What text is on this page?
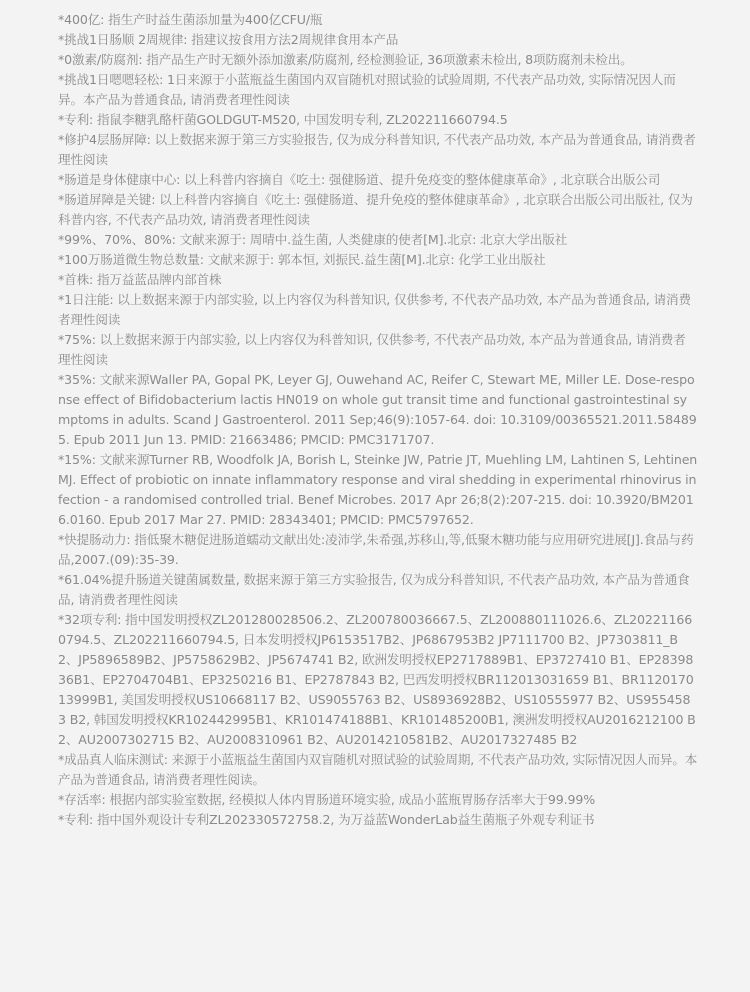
*400亿: 指生产时益生菌添加量为400亿CFU/瓶

*挑战1日肠顺 2周规律: 指建议按食用方法2周规律食用本产品

*0激素/防腐剂: 指产品生产时无额外添加激素/防腐剂, 经检测验证, 36项激素未检出, 8项防腐剂未检出。

*挑战1日嗯嗯轻松: 1日来源于小蓝瓶益生菌国内双盲随机对照试验的试验周期, 不代表产品功效, 实际情况因人而异。本产品为普通食品, 请消费者理性阅读

*专利: 指鼠李糖乳酪杆菌GOLDGUT-M520, 中国发明专利, ZL202211660794.5

*修护4层肠屏障: 以上数据来源于第三方实验报告, 仅为成分科普知识, 不代表产品功效, 本产品为普通食品, 请消费者理性阅读

*肠道是身体健康中心: 以上科普内容摘自《吃土: 强健肠道、提升免疫变的整体健康革命》, 北京联合出版公司

*肠道屏障是关键: 以上科普内容摘自《吃土: 强健肠道、提升免疫的整体健康革命》, 北京联合出版公司出版社, 仅为科普内容, 不代表产品功效, 请消费者理性阅读

*99%、70%、80%: 文献来源于: 周晴中.益生菌, 人类健康的使者[M].北京: 北京大学出版社

*100万肠道微生物总数量: 文献来源于: 郭本恒, 刘振民.益生菌[M].北京: 化学工业出版社

*首株: 指万益蓝品牌内部首株

*1日注能: 以上数据来源于内部实验, 以上内容仅为科普知识, 仅供参考, 不代表产品功效, 本产品为普通食品, 请消费者理性阅读

*75%: 以上数据来源于内部实验, 以上内容仅为科普知识, 仅供参考, 不代表产品功效, 本产品为普通食品, 请消费者理性阅读

*35%: 文献来源Waller PA, Gopal PK, Leyer GJ, Ouwehand AC, Reifer C, Stewart ME, Miller LE. Dose-response effect of Bifidobacterium lactis HN019 on whole gut transit time and functional gastrointestinal symptoms in adults. Scand J Gastroenterol. 2011 Sep;46(9):1057-64. doi: 10.3109/00365521.2011.584895. Epub 2011 Jun 13. PMID: 21663486; PMCID: PMC3171707.

*15%: 文献来源Turner RB, Woodfolk JA, Borish L, Steinke JW, Patrie JT, Muehling LM, Lahtinen S, Lehtinen MJ. Effect of probiotic on innate inflammatory response and viral shedding in experimental rhinovirus infection - a randomised controlled trial. Benef Microbes. 2017 Apr 26;8(2):207-215. doi: 10.3920/BM2016.0160. Epub 2017 Mar 27. PMID: 28343401; PMCID: PMC5797652.

*快提肠动力: 指低聚木糖促进肠道蠕动文献出处:凌沛学,朱希强,苏移山,等,低聚木糖功能与应用研究进展[J].食品与药品,2007.(09):35-39.

*61.04%提升肠道关键菌属数量, 数据来源于第三方实验报告, 仅为成分科普知识, 不代表产品功效, 本产品为普通食品, 请消费者理性阅读

*32项专利: 指中国发明授权ZL201280028506.2、ZL200780036667.5、ZL200880111026.6、ZL202211660794.5、ZL202211660794.5, 日本发明授权JP6153517B2、JP6867953B2 JP7111700 B2、JP7303811_B2、JP5896589B2、JP5758629B2、JP5674741 B2, 欧洲发明授权EP2717889B1、EP3727410 B1、EP2839836B1、EP2704704B1、EP3250216 B1、EP2787843 B2, 巴西发明授权BR112013031659 B1、BR112017013999B1, 美国发明授权US10668117 B2、US9055763 B2、US8936928B2、US10555977 B2、US9554583 B2, 韩国发明授权KR102442995B1、KR101474188B1、KR101485200B1, 澳洲发明授权AU2016212100 B2、AU2007302715 B2、AU2008310961 B2、AU2014210581B2、AU2017327485 B2

*成品真人临床测试: 来源于小蓝瓶益生菌国内双盲随机对照试验的试验周期, 不代表产品功效, 实际情况因人而异。本产品为普通食品, 请消费者理性阅读。

*存活率: 根据内部实验室数据, 经模拟人体内胃肠道环境实验, 成品小蓝瓶胃肠存活率大于99.99%

*专利: 指中国外观设计专利ZL202330572758.2, 为万益蓝WonderLab益生菌瓶子外观专利证书
